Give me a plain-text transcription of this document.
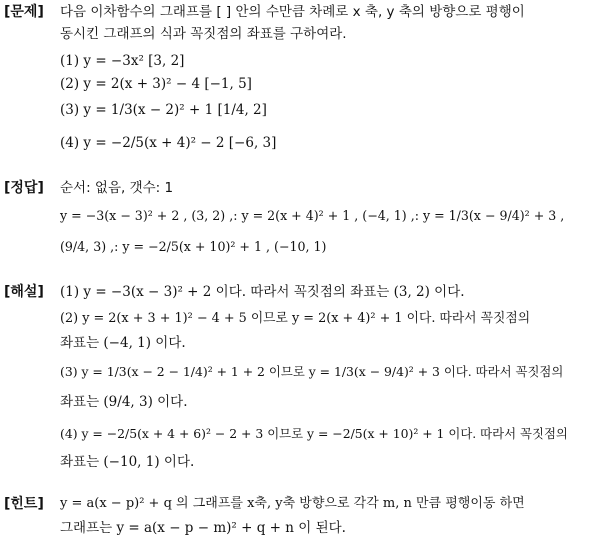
[문제] 다음 이차함수의 그래프를 [ ] 안의 수만큼 차례로 x 축, y 축의 방향으로 평행이
동시킨 그래프의 식과 꼭짓점의 좌표를 구하여라.
(1) y = −3x² [3, 2]
(2) y = 2(x + 3)² − 4 [−1, 5]
(3) y = 1/3(x − 2)² + 1 [1/4, 2]
(4) y = −2/5(x + 4)² − 2 [−6, 3]
[정답] 순서: 없음, 갯수: 1
y = −3(x − 3)² + 2 , (3, 2) ,: y = 2(x + 4)² + 1 , (−4, 1) ,: y = 1/3(x − 9/4)² + 3 ,
(9/4, 3) ,: y = −2/5(x + 10)² + 1 , (−10, 1)
[해설] (1) y = −3(x − 3)² + 2 이다. 따라서 꼭짓점의 좌표는 (3, 2) 이다.
(2) y = 2(x + 3 + 1)² − 4 + 5 이므로 y = 2(x + 4)² + 1 이다. 따라서 꼭짓점의
좌표는 (−4, 1) 이다.
(3) y = 1/3(x − 2 − 1/4)² + 1 + 2 이므로 y = 1/3(x − 9/4)² + 3 이다. 따라서 꼭짓점의
좌표는 (9/4, 3) 이다.
(4) y = −2/5(x + 4 + 6)² − 2 + 3 이므로 y = −2/5(x + 10)² + 1 이다. 따라서 꼭짓점의
좌표는 (−10, 1) 이다.
[힌트] y = a(x − p)² + q 의 그래프를 x축, y축 방향으로 각각 m, n 만큼 평행이동 하면
그래프는 y = a(x − p − m)² + q + n 이 된다.
